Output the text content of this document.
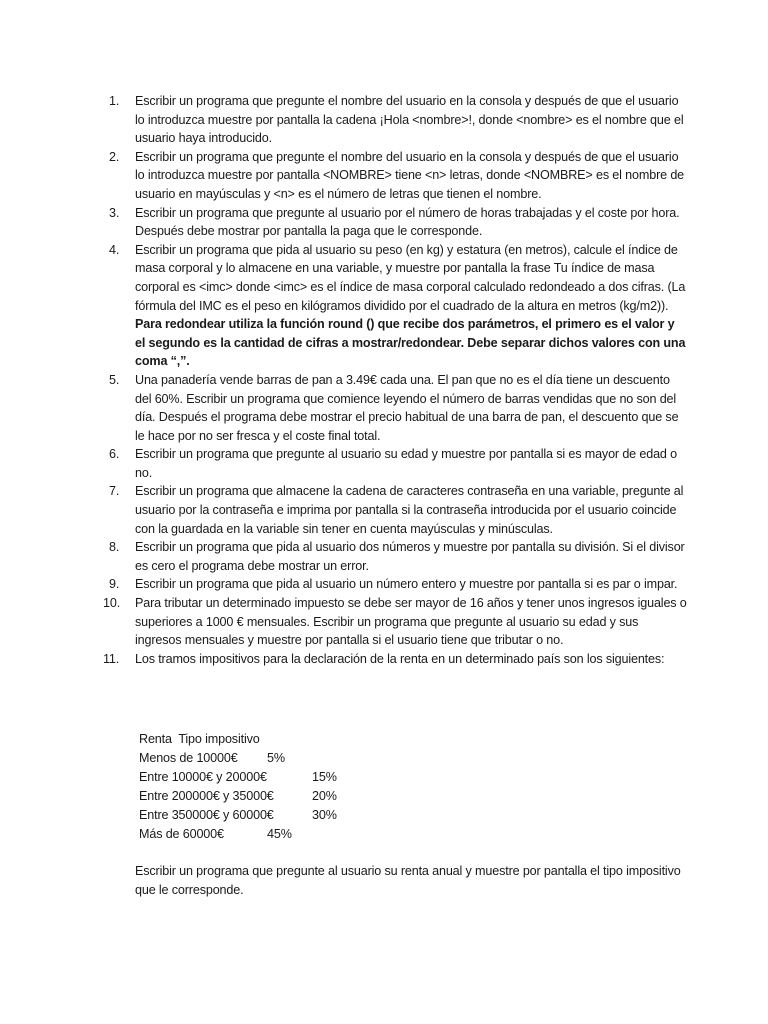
1. Escribir un programa que pregunte el nombre del usuario en la consola y después de que el usuario lo introduzca muestre por pantalla la cadena ¡Hola <nombre>!, donde <nombre> es el nombre que el usuario haya introducido.
2. Escribir un programa que pregunte el nombre del usuario en la consola y después de que el usuario lo introduzca muestre por pantalla <NOMBRE> tiene <n> letras, donde <NOMBRE> es el nombre de usuario en mayúsculas y <n> es el número de letras que tienen el nombre.
3. Escribir un programa que pregunte al usuario por el número de horas trabajadas y el coste por hora. Después debe mostrar por pantalla la paga que le corresponde.
4. Escribir un programa que pida al usuario su peso (en kg) y estatura (en metros), calcule el índice de masa corporal y lo almacene en una variable, y muestre por pantalla la frase Tu índice de masa corporal es <imc> donde <imc> es el índice de masa corporal calculado redondeado a dos cifras. (La fórmula del IMC es el peso en kilógramos dividido por el cuadrado de la altura en metros (kg/m2)). Para redondear utiliza la función round () que recibe dos parámetros, el primero es el valor y el segundo es la cantidad de cifras a mostrar/redondear. Debe separar dichos valores con una coma “,”.
5. Una panadería vende barras de pan a 3.49€ cada una. El pan que no es el día tiene un descuento del 60%. Escribir un programa que comience leyendo el número de barras vendidas que no son del día. Después el programa debe mostrar el precio habitual de una barra de pan, el descuento que se le hace por no ser fresca y el coste final total.
6. Escribir un programa que pregunte al usuario su edad y muestre por pantalla si es mayor de edad o no.
7. Escribir un programa que almacene la cadena de caracteres contraseña en una variable, pregunte al usuario por la contraseña e imprima por pantalla si la contraseña introducida por el usuario coincide con la guardada en la variable sin tener en cuenta mayúsculas y minúsculas.
8. Escribir un programa que pida al usuario dos números y muestre por pantalla su división. Si el divisor es cero el programa debe mostrar un error.
9. Escribir un programa que pida al usuario un número entero y muestre por pantalla si es par o impar.
10. Para tributar un determinado impuesto se debe ser mayor de 16 años y tener unos ingresos iguales o superiores a 1000 € mensuales. Escribir un programa que pregunte al usuario su edad y sus ingresos mensuales y muestre por pantalla si el usuario tiene que tributar o no.
11. Los tramos impositivos para la declaración de la renta en un determinado país son los siguientes:
Renta  Tipo impositivo
Menos de 10000€ 5%
Entre 10000€ y 20000€	15%
Entre 200000€ y 35000€	20%
Entre 350000€ y 60000€	30%
Más de 60000€	45%

Escribir un programa que pregunte al usuario su renta anual y muestre por pantalla el tipo impositivo que le corresponde.
